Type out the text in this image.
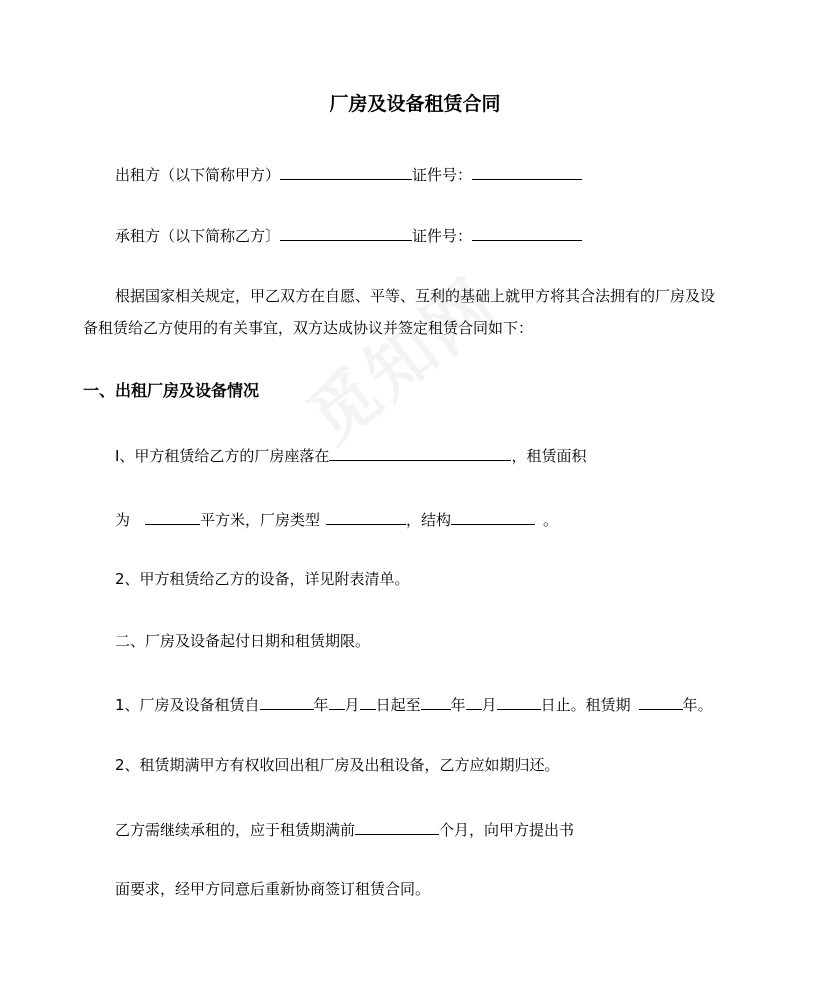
厂房及设备租赁合同
出租方（以下简称甲方）	证件号：
承租方（以下简称乙方〕	证件号：
根据国家相关规定，甲乙双方在自愿、平等、互利的基础上就甲方将其合法拥有的厂房及设
备租赁给乙方使用的有关事宜，双方达成协议并签定租赁合同如下：
一、出租厂房及设备情况
I、甲方租赁给乙方的厂房座落在	，租赁面积
为	平方米，厂房类型	，结构	。
2、甲方租赁给乙方的设备，详见附表清单。
二、厂房及设备起付日期和租赁期限。
1、厂房及设备租赁自	年 月 日起至 年 月	日止。租赁期	年。
2、租赁期满甲方有权收回出租厂房及出租设备，乙方应如期归还。
乙方需继续承租的，应于租赁期满前	个月，向甲方提出书
面要求，经甲方同意后重新协商签订租赁合同。
